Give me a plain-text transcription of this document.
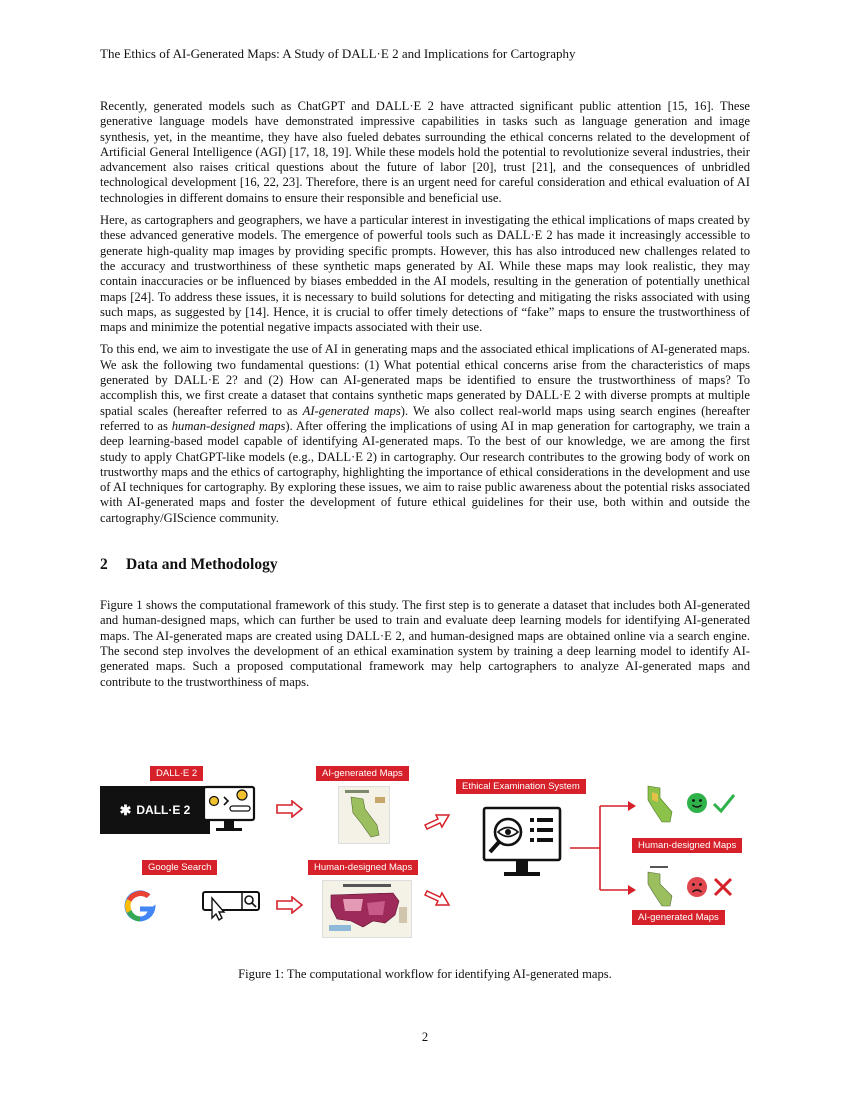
The Ethics of AI-Generated Maps: A Study of DALL·E 2 and Implications for Cartography

Recently, generated models such as ChatGPT and DALL·E 2 have attracted significant public attention [15, 16]. These generative language models have demonstrated impressive capabilities in tasks such as language generation and image synthesis, yet, in the meantime, they have also fueled debates surrounding the ethical concerns related to the development of Artificial General Intelligence (AGI) [17, 18, 19]. While these models hold the potential to revolutionize several industries, their advancement also raises critical questions about the future of labor [20], trust [21], and the consequences of unbridled technological development [16, 22, 23]. Therefore, there is an urgent need for careful consideration and ethical evaluation of AI technologies in different domains to ensure their responsible and beneficial use.

Here, as cartographers and geographers, we have a particular interest in investigating the ethical implications of maps created by these advanced generative models. The emergence of powerful tools such as DALL·E 2 has made it increasingly accessible to generate high-quality map images by providing specific prompts. However, this has also introduced new challenges related to the accuracy and trustworthiness of these synthetic maps generated by AI. While these maps may look realistic, they may contain inaccuracies or be influenced by biases embedded in the AI models, resulting in the generation of potentially unethical maps [24]. To address these issues, it is necessary to build solutions for detecting and mitigating the risks associated with using such maps, as suggested by [14]. Hence, it is crucial to offer timely detections of “fake” maps to ensure the trustworthiness of maps and minimize the potential negative impacts associated with their use.

To this end, we aim to investigate the use of AI in generating maps and the associated ethical implications of AI-generated maps. We ask the following two fundamental questions: (1) What potential ethical concerns arise from the characteristics of maps generated by DALL·E 2? and (2) How can AI-generated maps be identified to ensure the trustworthiness of maps? To accomplish this, we first create a dataset that contains synthetic maps generated by DALL·E 2 with diverse prompts at multiple spatial scales (hereafter referred to as AI-generated maps). We also collect real-world maps using search engines (hereafter referred to as human-designed maps). After offering the implications of using AI in map generation for cartography, we train a deep learning-based model capable of identifying AI-generated maps. To the best of our knowledge, we are among the first study to apply ChatGPT-like models (e.g., DALL·E 2) in cartography. Our research contributes to the growing body of work on trustworthy maps and the ethics of cartography, highlighting the importance of ethical considerations in the development and use of AI techniques for cartography. By exploring these issues, we aim to raise public awareness about the potential risks associated with AI-generated maps and foster the development of future ethical guidelines for their use, both within and outside the cartography/GIScience community.

2 Data and Methodology

Figure 1 shows the computational framework of this study. The first step is to generate a dataset that includes both AI-generated and human-designed maps, which can further be used to train and evaluate deep learning models for identifying AI-generated maps. The AI-generated maps are created using DALL·E 2, and human-designed maps are obtained online via a search engine. The second step involves the development of an ethical examination system by training a deep learning model to identify AI-generated maps. Such a proposed computational framework may help cartographers to analyze AI-generated maps and contribute to the trustworthiness of maps.

DALL·E 2	AI-generated Maps
Ethical Examination System
Google Search	Human-designed Maps
Human-designed Maps
AI-generated Maps
✱ DALL·E 2
Figure 1: The computational workflow for identifying AI-generated maps.
2
